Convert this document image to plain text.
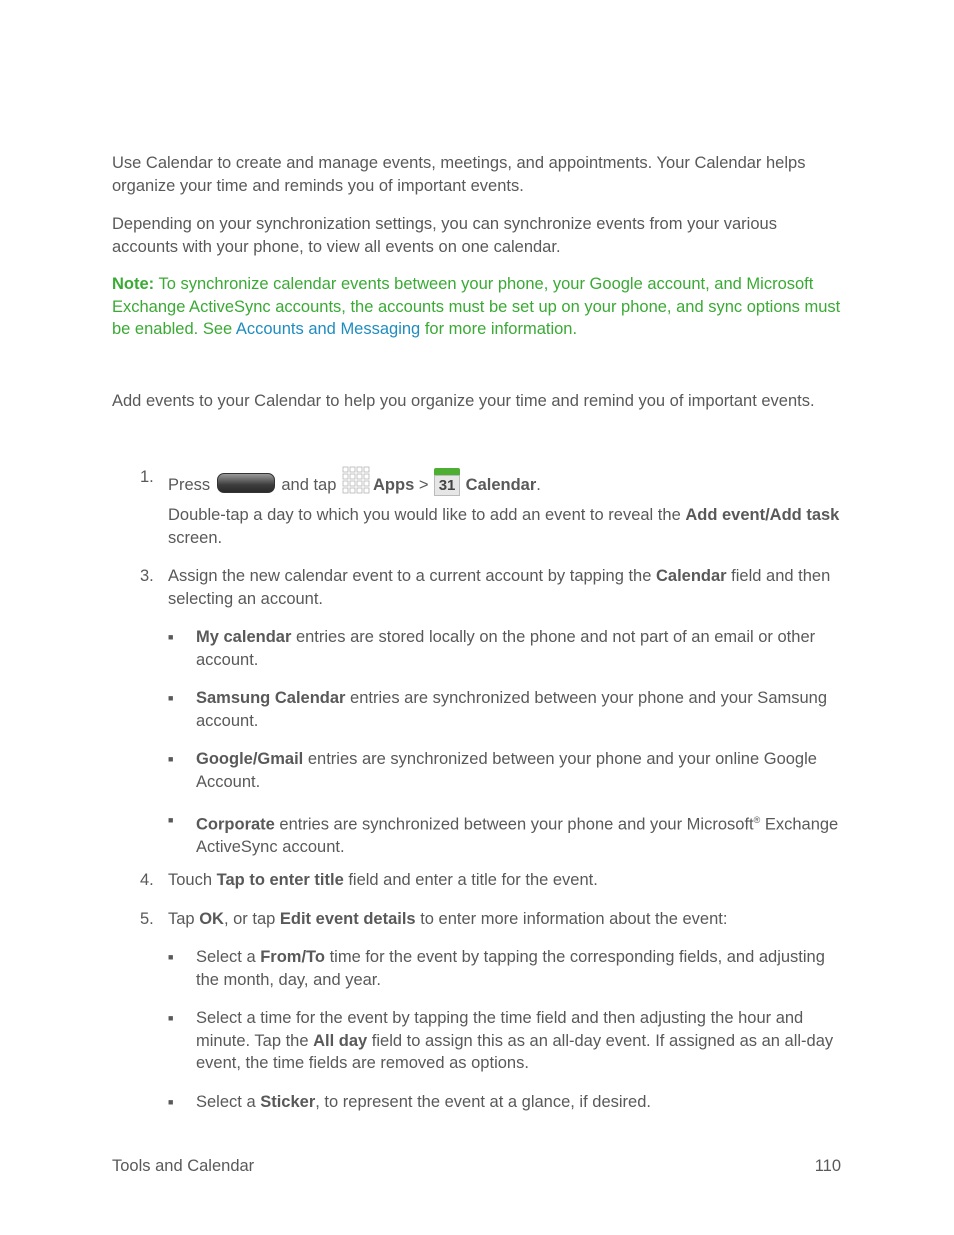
Use Calendar to create and manage events, meetings, and appointments. Your Calendar helps organize your time and reminds you of important events.

Depending on your synchronization settings, you can synchronize events from your various accounts with your phone, to view all events on one calendar.

Note: To synchronize calendar events between your phone, your Google account, and Microsoft Exchange ActiveSync accounts, the accounts must be set up on your phone, and sync options must be enabled. See Accounts and Messaging for more information.

Add events to your Calendar to help you organize your time and remind you of important events.

1. Press	and tap Apps > 31 Calendar.

Double-tap a day to which you would like to add an event to reveal the Add event/Add task screen.

3. Assign the new calendar event to a current account by tapping the Calendar field and then selecting an account.

■ My calendar entries are stored locally on the phone and not part of an email or other account.

■ Samsung Calendar entries are synchronized between your phone and your Samsung account.

■ Google/Gmail entries are synchronized between your phone and your online Google Account.

■ Corporate entries are synchronized between your phone and your Microsoft® Exchange ActiveSync account.

4. Touch Tap to enter title field and enter a title for the event.

5. Tap OK, or tap Edit event details to enter more information about the event:

■ Select a From/To time for the event by tapping the corresponding fields, and adjusting the month, day, and year.

■ Select a time for the event by tapping the time field and then adjusting the hour and minute. Tap the All day field to assign this as an all-day event. If assigned as an all-day event, the time fields are removed as options.

■ Select a Sticker, to represent the event at a glance, if desired.

Tools and Calendar	110
